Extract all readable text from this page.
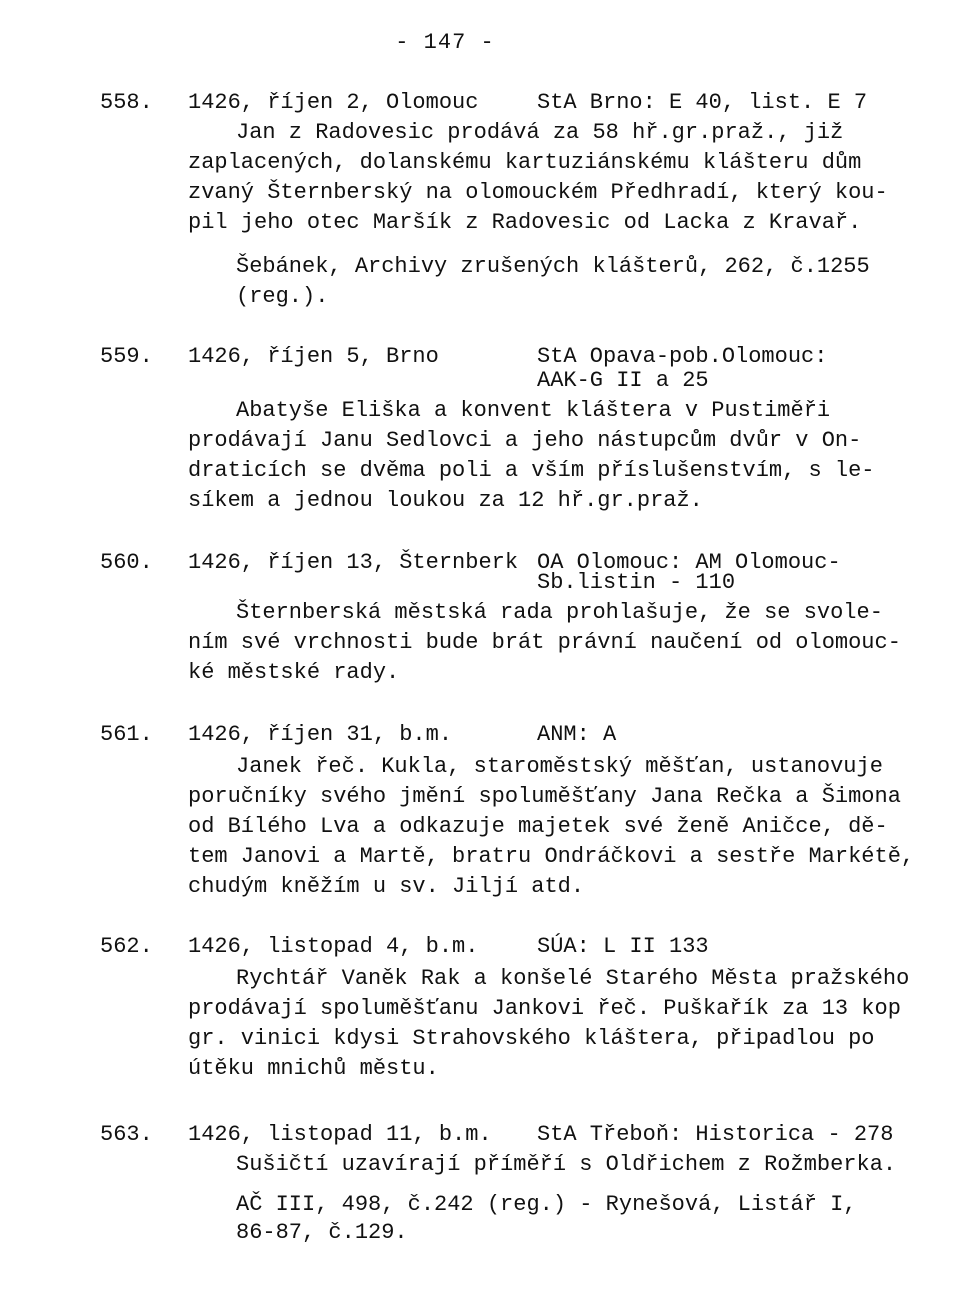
- 147 -
558. 1426, říjen 2, Olomouc	StA Brno: E 40, list. E 7
Jan z Radovesic prodává za 58 hř.gr.praž., již
zaplacených, dolanskému kartuziánskému klášteru dům
zvaný Šternberský na olomouckém Předhradí, který kou-
pil jeho otec Maršík z Radovesic od Lacka z Kravař.
Šebánek, Archivy zrušených klášterů, 262, č.1255
(reg.).
559. 1426, říjen 5, Brno	StA Opava-pob.Olomouc:
AAK-G II a 25
Abatyše Eliška a konvent kláštera v Pustiměři
prodávají Janu Sedlovci a jeho nástupcům dvůr v On-
draticích se dvěma poli a vším příslušenstvím, s le-
síkem a jednou loukou za 12 hř.gr.praž.
560. 1426, říjen 13, Šternberk OA Olomouc: AM Olomouc-
Sb.listin - 110
Šternberská městská rada prohlašuje, že se svole-
ním své vrchnosti bude brát právní naučení od olomouc-
ké městské rady.
561. 1426, říjen 31, b.m.	ANM: A
Janek řeč. Kukla, staroměstský měšťan, ustanovuje
poručníky svého jmění spoluměšťany Jana Rečka a Šimona
od Bílého Lva a odkazuje majetek své ženě Aničce, dě-
tem Janovi a Martě, bratru Ondráčkovi a sestře Markétě,
chudým kněžím u sv. Jiljí atd.
562. 1426, listopad 4, b.m.	SÚA: L II 133
Rychtář Vaněk Rak a konšelé Starého Města pražského
prodávají spoluměšťanu Jankovi řeč. Puškařík za 13 kop
gr. vinici kdysi Strahovského kláštera, připadlou po
útěku mnichů městu.
563. 1426, listopad 11, b.m. StA Třeboň: Historica - 278
Sušičtí uzavírají příměří s Oldřichem z Rožmberka.
AČ III, 498, č.242 (reg.) - Rynešová, Listář I,
86-87, č.129.
